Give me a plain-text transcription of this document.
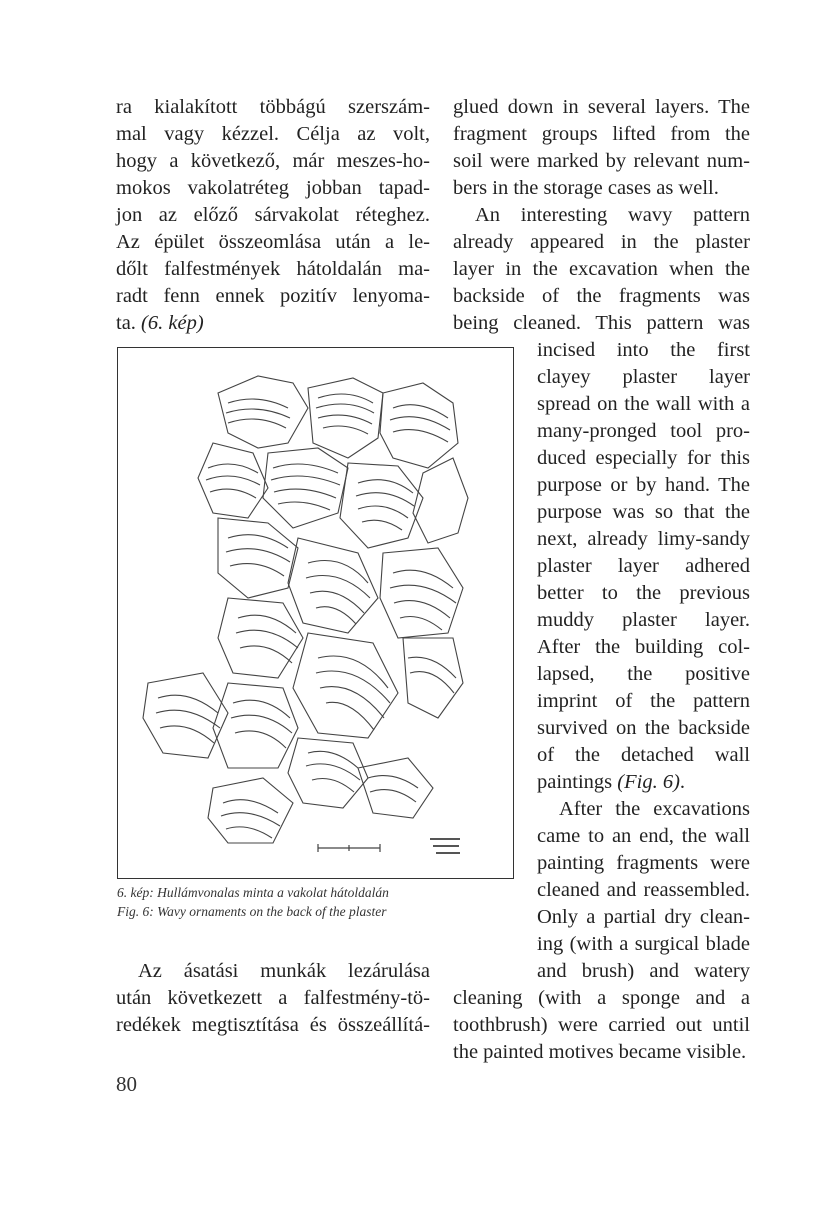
ra kialakított többágú szerszám-
mal vagy kézzel. Célja az volt,
hogy a következő, már meszes-ho-
mokos vakolatréteg jobban tapad-
jon az előző sárvakolat réteghez.
Az épület összeomlása után a le-
dőlt falfestmények hátoldalán ma-
radt fenn ennek pozitív lenyoma-
ta. (6. kép)
glued down in several layers. The
fragment groups lifted from the
soil were marked by relevant num-
bers in the storage cases as well.
An interesting wavy pattern
already appeared in the plaster
layer in the excavation when the
backside of the fragments was
being cleaned. This pattern was
incised into the first
clayey plaster layer
spread on the wall with a
many-pronged tool pro-
duced especially for this
purpose or by hand. The
purpose was so that the
next, already limy-sandy
plaster layer adhered
better to the previous
muddy plaster layer.
After the building col-
lapsed, the positive
imprint of the pattern
survived on the backside
of the detached wall
paintings (Fig. 6).
After the excavations
came to an end, the wall
painting fragments were
cleaned and reassembled.
Only a partial dry clean-
ing (with a surgical blade
and brush) and watery
cleaning (with a sponge and a
toothbrush) were carried out until
the painted motives became visible.
6. kép: Hullámvonalas minta a vakolat hátoldalán
Fig. 6: Wavy ornaments on the back of the plaster
Az ásatási munkák lezárulása
után következett a falfestmény-tö-
redékek megtisztítása és összeállítá-
80
